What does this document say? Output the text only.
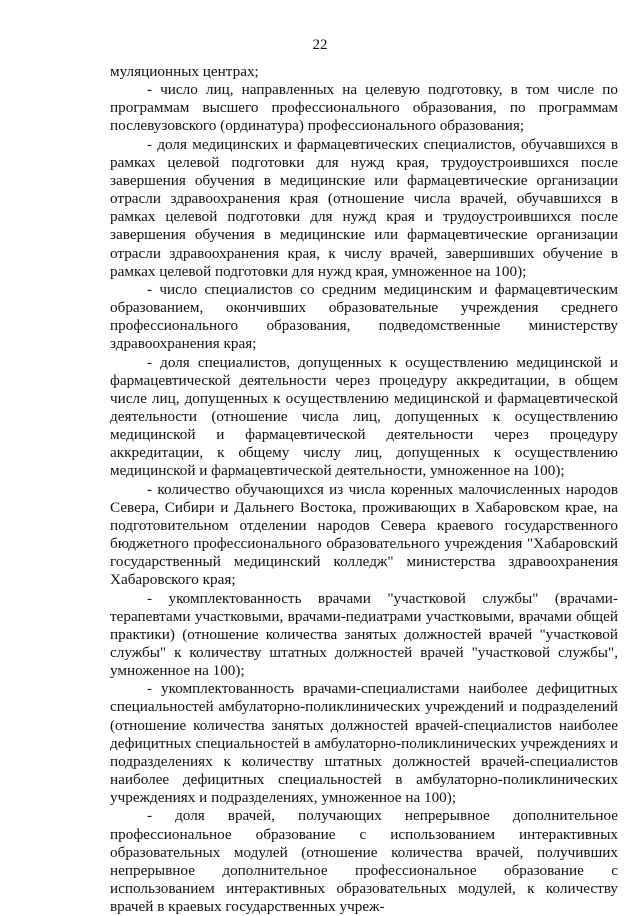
22

муляционных центрах;

- число лиц, направленных на целевую подготовку, в том числе по программам высшего профессионального образования, по программам послевузовского (ординатура) профессионального образования;

- доля медицинских и фармацевтических специалистов, обучавшихся в рамках целевой подготовки для нужд края, трудоустроившихся после завершения обучения в медицинские или фармацевтические организации отрасли здравоохранения края (отношение числа врачей, обучавшихся в рамках целевой подготовки для нужд края и трудоустроившихся после завершения обучения в медицинские или фармацевтические организации отрасли здравоохранения края, к числу врачей, завершивших обучение в рамках целевой подготовки для нужд края, умноженное на 100);

- число специалистов со средним медицинским и фармацевтическим образованием, окончивших образовательные учреждения среднего профессионального образования, подведомственные министерству здравоохранения края;

- доля специалистов, допущенных к осуществлению медицинской и фармацевтической деятельности через процедуру аккредитации, в общем числе лиц, допущенных к осуществлению медицинской и фармацевтической деятельности (отношение числа лиц, допущенных к осуществлению медицинской и фармацевтической деятельности через процедуру аккредитации, к общему числу лиц, допущенных к осуществлению медицинской и фармацевтической деятельности, умноженное на 100);

- количество обучающихся из числа коренных малочисленных народов Севера, Сибири и Дальнего Востока, проживающих в Хабаровском крае, на подготовительном отделении народов Севера краевого государственного бюджетного профессионального образовательного учреждения "Хабаровский государственный медицинский колледж" министерства здравоохранения Хабаровского края;

- укомплектованность врачами "участковой службы" (врачами-терапевтами участковыми, врачами-педиатрами участковыми, врачами общей практики) (отношение количества занятых должностей врачей "участковой службы" к количеству штатных должностей врачей "участковой службы", умноженное на 100);

- укомплектованность врачами-специалистами наиболее дефицитных специальностей амбулаторно-поликлинических учреждений и подразделений (отношение количества занятых должностей врачей-специалистов наиболее дефицитных специальностей в амбулаторно-поликлинических учреждениях и подразделениях к количеству штатных должностей врачей-специалистов наиболее дефицитных специальностей в амбулаторно-поликлинических учреждениях и подразделениях, умноженное на 100);

- доля врачей, получающих непрерывное дополнительное профессиональное образование с использованием интерактивных образовательных модулей (отношение количества врачей, получивших непрерывное дополнительное профессиональное образование с использованием интерактивных образовательных модулей, к количеству врачей в краевых государственных учреж-
